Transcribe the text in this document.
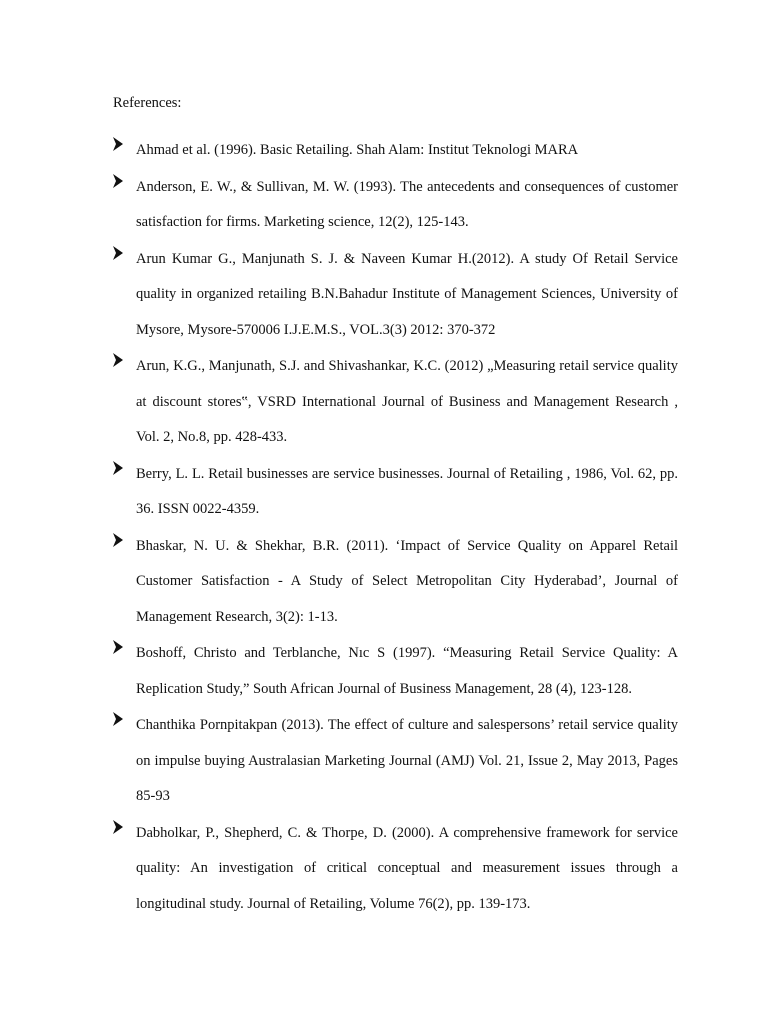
References:
Ahmad et al. (1996). Basic Retailing. Shah Alam: Institut Teknologi MARA
Anderson, E. W., & Sullivan, M. W. (1993). The antecedents and consequences of customer satisfaction for firms. Marketing science, 12(2), 125-143.
Arun Kumar G., Manjunath S. J. & Naveen Kumar H.(2012). A study Of Retail Service quality in organized retailing B.N.Bahadur Institute of Management Sciences, University of Mysore, Mysore-570006 I.J.E.M.S., VOL.3(3) 2012: 370-372
Arun, K.G., Manjunath, S.J. and Shivashankar, K.C. (2012) „Measuring retail service quality at discount stores‟, VSRD International Journal of Business and Management Research , Vol. 2, No.8, pp. 428-433.
Berry, L. L. Retail businesses are service businesses. Journal of Retailing , 1986, Vol. 62, pp. 36. ISSN 0022-4359.
Bhaskar, N. U. & Shekhar, B.R. (2011). ‘Impact of Service Quality on Apparel Retail Customer Satisfaction - A Study of Select Metropolitan City Hyderabad’, Journal of Management Research, 3(2): 1-13.
Boshoff, Christo and Terblanche, Nıc S (1997). “Measuring Retail Service Quality: A Replication Study,” South African Journal of Business Management, 28 (4), 123-128.
Chanthika Pornpitakpan (2013). The effect of culture and salespersons’ retail service quality on impulse buying Australasian Marketing Journal (AMJ) Vol. 21, Issue 2, May 2013, Pages 85-93
Dabholkar, P., Shepherd, C. & Thorpe, D. (2000). A comprehensive framework for service quality: An investigation of critical conceptual and measurement issues through a longitudinal study. Journal of Retailing, Volume 76(2), pp. 139-173.
